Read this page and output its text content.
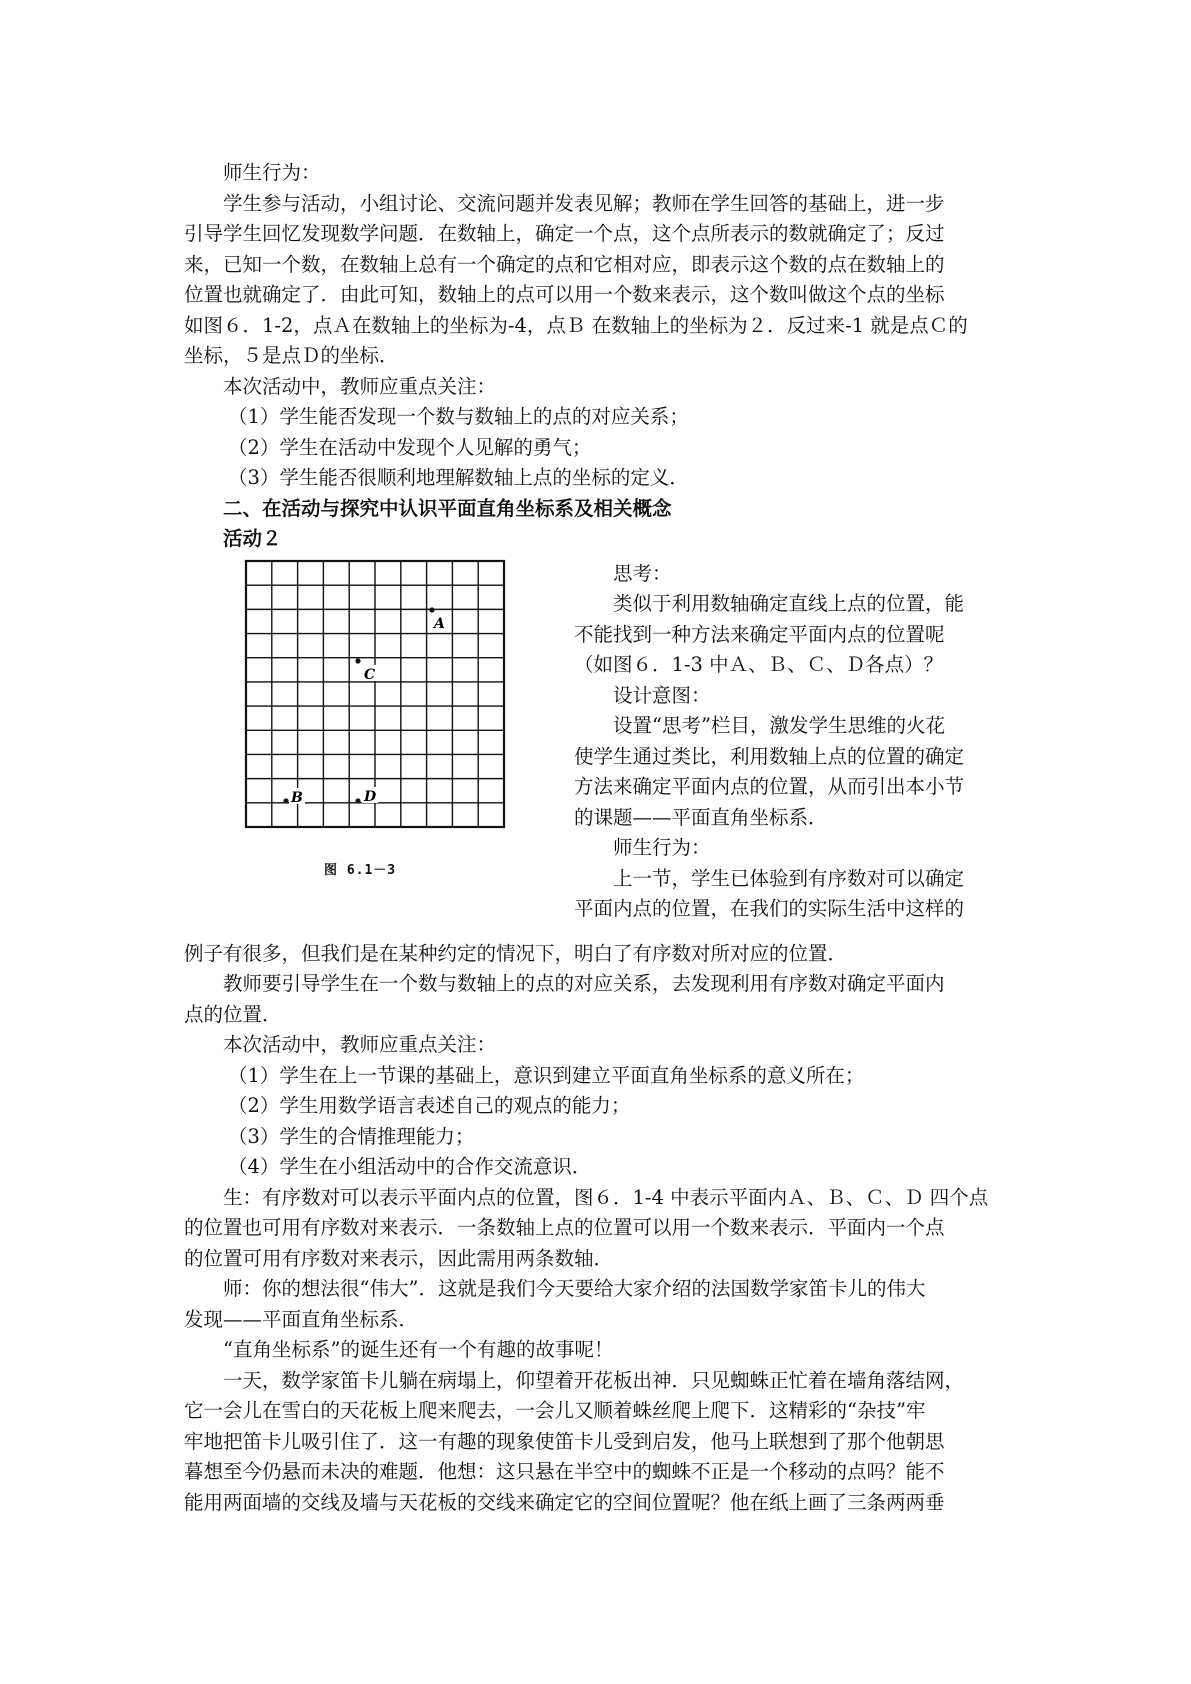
师生行为：
学生参与活动，小组讨论、交流问题并发表见解；教师在学生回答的基础上，进一步
引导学生回忆发现数学问题．在数轴上，确定一个点，这个点所表示的数就确定了；反过
来，已知一个数，在数轴上总有一个确定的点和它相对应，即表示这个数的点在数轴上的
位置也就确定了．由此可知，数轴上的点可以用一个数来表示，这个数叫做这个点的坐标
如图６．1-2，点Ａ在数轴上的坐标为-4，点Ｂ 在数轴上的坐标为２．反过来-1 就是点Ｃ的
坐标，５是点Ｄ的坐标．
本次活动中，教师应重点关注：
（1）学生能否发现一个数与数轴上的点的对应关系；
（2）学生在活动中发现个人见解的勇气；
（3）学生能否很顺利地理解数轴上点的坐标的定义．
二、在活动与探究中认识平面直角坐标系及相关概念
活动２
A
C
D
B
图 6.1－3
思考：
类似于利用数轴确定直线上点的位置，能
不能找到一种方法来确定平面内点的位置呢
（如图６．1-3 中Ａ、Ｂ、Ｃ、Ｄ各点）？
设计意图：
设置“思考”栏目，激发学生思维的火花
使学生通过类比，利用数轴上点的位置的确定
方法来确定平面内点的位置，从而引出本小节
的课题——平面直角坐标系．
师生行为：
上一节，学生已体验到有序数对可以确定
平面内点的位置，在我们的实际生活中这样的
例子有很多，但我们是在某种约定的情况下，明白了有序数对所对应的位置．
教师要引导学生在一个数与数轴上的点的对应关系，去发现利用有序数对确定平面内
点的位置．
本次活动中，教师应重点关注：
（1）学生在上一节课的基础上，意识到建立平面直角坐标系的意义所在；
（2）学生用数学语言表述自己的观点的能力；
（3）学生的合情推理能力；
（4）学生在小组活动中的合作交流意识．
生：有序数对可以表示平面内点的位置，图６．1-4 中表示平面内Ａ、Ｂ、Ｃ、Ｄ 四个点
的位置也可用有序数对来表示．一条数轴上点的位置可以用一个数来表示．平面内一个点
的位置可用有序数对来表示，因此需用两条数轴．
师：你的想法很“伟大”．这就是我们今天要给大家介绍的法国数学家笛卡儿的伟大
发现——平面直角坐标系．
“直角坐标系”的诞生还有一个有趣的故事呢！
一天，数学家笛卡儿躺在病塌上，仰望着开花板出神．只见蜘蛛正忙着在墙角落结网，
它一会儿在雪白的天花板上爬来爬去，一会儿又顺着蛛丝爬上爬下．这精彩的“杂技”牢
牢地把笛卡儿吸引住了．这一有趣的现象使笛卡儿受到启发，他马上联想到了那个他朝思
暮想至今仍悬而未决的难题．他想：这只悬在半空中的蜘蛛不正是一个移动的点吗？能不
能用两面墙的交线及墙与天花板的交线来确定它的空间位置呢？他在纸上画了三条两两垂
